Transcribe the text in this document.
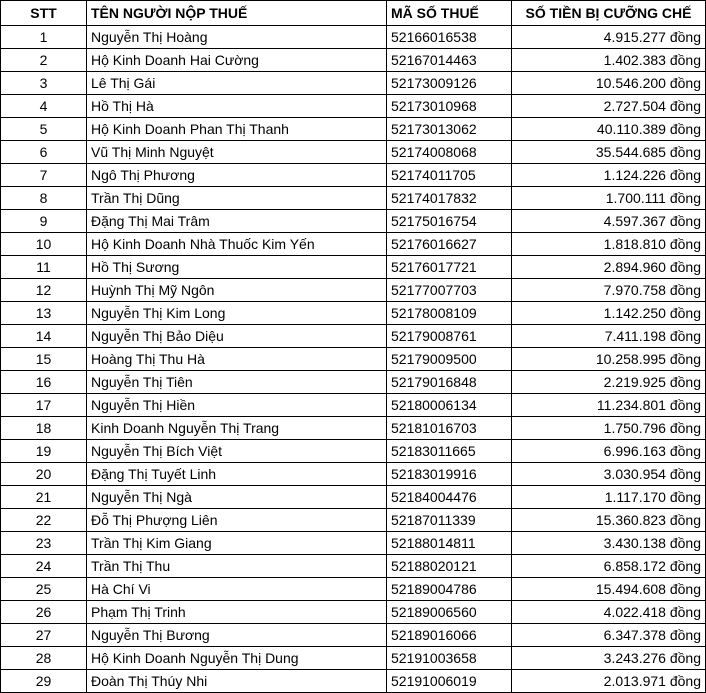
STT	TÊN NGƯỜI NỘP THUẾ	MÃ SỐ THUẾ	SỐ TIỀN BỊ CƯỠNG CHẾ
1	Nguyễn Thị Hoàng	52166016538	4.915.277 đồng
2	Hộ Kinh Doanh Hai Cường	52167014463	1.402.383 đồng
3	Lê Thị Gái	52173009126	10.546.200 đồng
4	Hồ Thị Hà	52173010968	2.727.504 đồng
5	Hộ Kinh Doanh Phan Thị Thanh	52173013062	40.110.389 đồng
6	Vũ Thị Minh Nguyệt	52174008068	35.544.685 đồng
7	Ngô Thị Phương	52174011705	1.124.226 đồng
8	Trần Thị Dũng	52174017832	1.700.111 đồng
9	Đặng Thị Mai Trâm	52175016754	4.597.367 đồng
10	Hộ Kinh Doanh Nhà Thuốc Kim Yến	52176016627	1.818.810 đồng
11	Hồ Thị Sương	52176017721	2.894.960 đồng
12	Huỳnh Thị Mỹ Ngôn	52177007703	7.970.758 đồng
13	Nguyễn Thị Kim Long	52178008109	1.142.250 đồng
14	Nguyễn Thị Bảo Diệu	52179008761	7.411.198 đồng
15	Hoàng Thị Thu Hà	52179009500	10.258.995 đồng
16	Nguyễn Thị Tiên	52179016848	2.219.925 đồng
17	Nguyễn Thị Hiền	52180006134	11.234.801 đồng
18	Kinh Doanh Nguyễn Thị Trang	52181016703	1.750.796 đồng
19	Nguyễn Thị Bích Việt	52183011665	6.996.163 đồng
20	Đặng Thị Tuyết Linh	52183019916	3.030.954 đồng
21	Nguyễn Thị Ngà	52184004476	1.117.170 đồng
22	Đỗ Thị Phượng Liên	52187011339	15.360.823 đồng
23	Trần Thị Kim Giang	52188014811	3.430.138 đồng
24	Trần Thị Thu	52188020121	6.858.172 đồng
25	Hà Chí Vi	52189004786	15.494.608 đồng
26	Phạm Thị Trinh	52189006560	4.022.418 đồng
27	Nguyễn Thị Bương	52189016066	6.347.378 đồng
28	Hộ Kinh Doanh Nguyễn Thị Dung	52191003658	3.243.276 đồng
29	Đoàn Thị Thúy Nhi	52191006019	2.013.971 đồng
